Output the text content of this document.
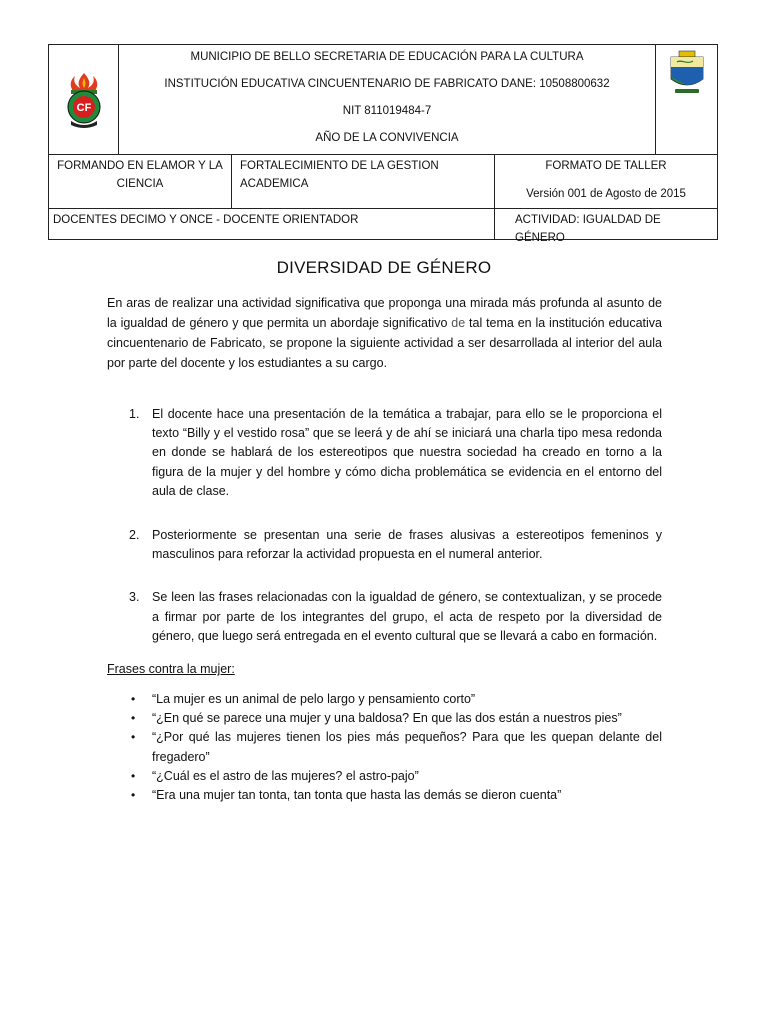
CF
MUNICIPIO DE BELLO SECRETARIA DE EDUCACIÓN PARA LA CULTURA
INSTITUCIÓN EDUCATIVA CINCUENTENARIO DE FABRICATO DANE: 10508800632
NIT 811019484-7
AÑO DE LA CONVIVENCIA
FORMANDO EN ELAMOR Y LA CIENCIA
FORTALECIMIENTO DE LA GESTION ACADEMICA
FORMATO DE TALLER
Versión 001 de Agosto de 2015
DOCENTES DECIMO Y ONCE - DOCENTE ORIENTADOR	ACTIVIDAD: IGUALDAD DE GÉNERO
DIVERSIDAD DE GÉNERO
En aras de realizar una actividad significativa que proponga una mirada más profunda al asunto de la igualdad de género y que permita un abordaje significativo de tal tema en la institución educativa cincuentenario de Fabricato, se propone la siguiente actividad a ser desarrollada al interior del aula por parte del docente y los estudiantes a su cargo.
1. El docente hace una presentación de la temática a trabajar, para ello se le proporciona el texto “Billy y el vestido rosa” que se leerá y de ahí se iniciará una charla tipo mesa redonda en donde se hablará de los estereotipos que nuestra sociedad ha creado en torno a la figura de la mujer y del hombre y cómo dicha problemática se evidencia en el entorno del aula de clase.
2. Posteriormente se presentan una serie de frases alusivas a estereotipos femeninos y masculinos para reforzar la actividad propuesta en el numeral anterior.
3. Se leen las frases relacionadas con la igualdad de género, se contextualizan, y se procede a firmar por parte de los integrantes del grupo, el acta de respeto por la diversidad de género, que luego será entregada en el evento cultural que se llevará a cabo en formación.
Frases contra la mujer:
• “La mujer es un animal de pelo largo y pensamiento corto”
• “¿En qué se parece una mujer y una baldosa? En que las dos están a nuestros pies”
• “¿Por qué las mujeres tienen los pies más pequeños? Para que les quepan delante del fregadero”
• “¿Cuál es el astro de las mujeres? el astro-pajo”
• “Era una mujer tan tonta, tan tonta que hasta las demás se dieron cuenta”
